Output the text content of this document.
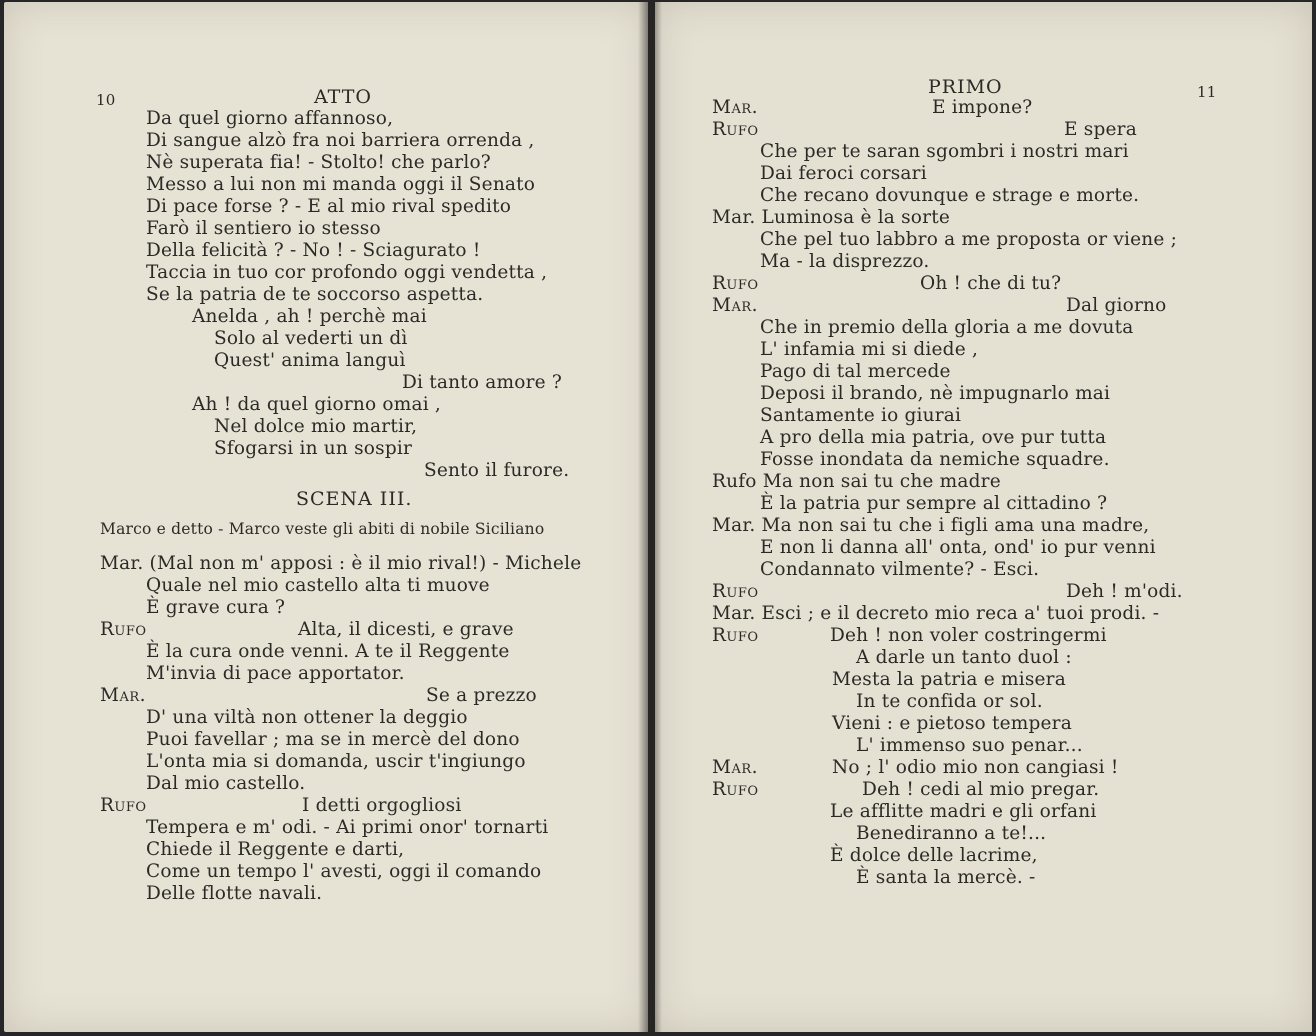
10	ATTO
Da quel giorno affannoso,
Di sangue alzò fra noi barriera orrenda ,
Nè superata fia! - Stolto! che parlo?
Messo a lui non mi manda oggi il Senato
Di pace forse ? - E al mio rival spedito
Farò il sentiero io stesso
Della felicità ? - No ! - Sciagurato !
Taccia in tuo cor profondo oggi vendetta ,
Se la patria de te soccorso aspetta.
Anelda , ah ! perchè mai
Solo al vederti un dì
Quest' anima languì
Di tanto amore ?
Ah ! da quel giorno omai ,
Nel dolce mio martir,
Sfogarsi in un sospir
Sento il furore.
SCENA III.
Marco e detto - Marco veste gli abiti di nobile Siciliano
Mar. (Mal non m' apposi : è il mio rival!) - Michele
Quale nel mio castello alta ti muove
È grave cura ?
Rufo	Alta, il dicesti, e grave
È la cura onde venni. A te il Reggente
M'invia di pace apportator.
Mar.	Se a prezzo
D' una viltà non ottener la deggio
Puoi favellar ; ma se in mercè del dono
L'onta mia si domanda, uscir t'ingiungo
Dal mio castello.
Rufo	I detti orgogliosi
Tempera e m' odi. - Ai primi onor' tornarti
Chiede il Reggente e darti,
Come un tempo l' avesti, oggi il comando
Delle flotte navali.
PRIMO	11
Mar.	E impone?
Rufo	E spera
Che per te saran sgombri i nostri mari
Dai feroci corsari
Che recano dovunque e strage e morte.
Mar. Luminosa è la sorte
Che pel tuo labbro a me proposta or viene ;
Ma - la disprezzo.
Rufo	Oh ! che di tu?
Mar.	Dal giorno
Che in premio della gloria a me dovuta
L' infamia mi si diede ,
Pago di tal mercede
Deposi il brando, nè impugnarlo mai
Santamente io giurai
A pro della mia patria, ove pur tutta
Fosse inondata da nemiche squadre.
Rufo Ma non sai tu che madre
È la patria pur sempre al cittadino ?
Mar. Ma non sai tu che i figli ama una madre,
E non li danna all' onta, ond' io pur venni
Condannato vilmente? - Esci.
Rufo	Deh ! m'odi.
Mar. Esci ; e il decreto mio reca a' tuoi prodi. -
Rufo	Deh ! non voler costringermi
A darle un tanto duol :
Mesta la patria e misera
In te confida or sol.
Vieni : e pietoso tempera
L' immenso suo penar...
Mar.	No ; l' odio mio non cangiasi !
Rufo	Deh ! cedi al mio pregar.
Le afflitte madri e gli orfani
Benediranno a te!...
È dolce delle lacrime,
È santa la mercè. -
